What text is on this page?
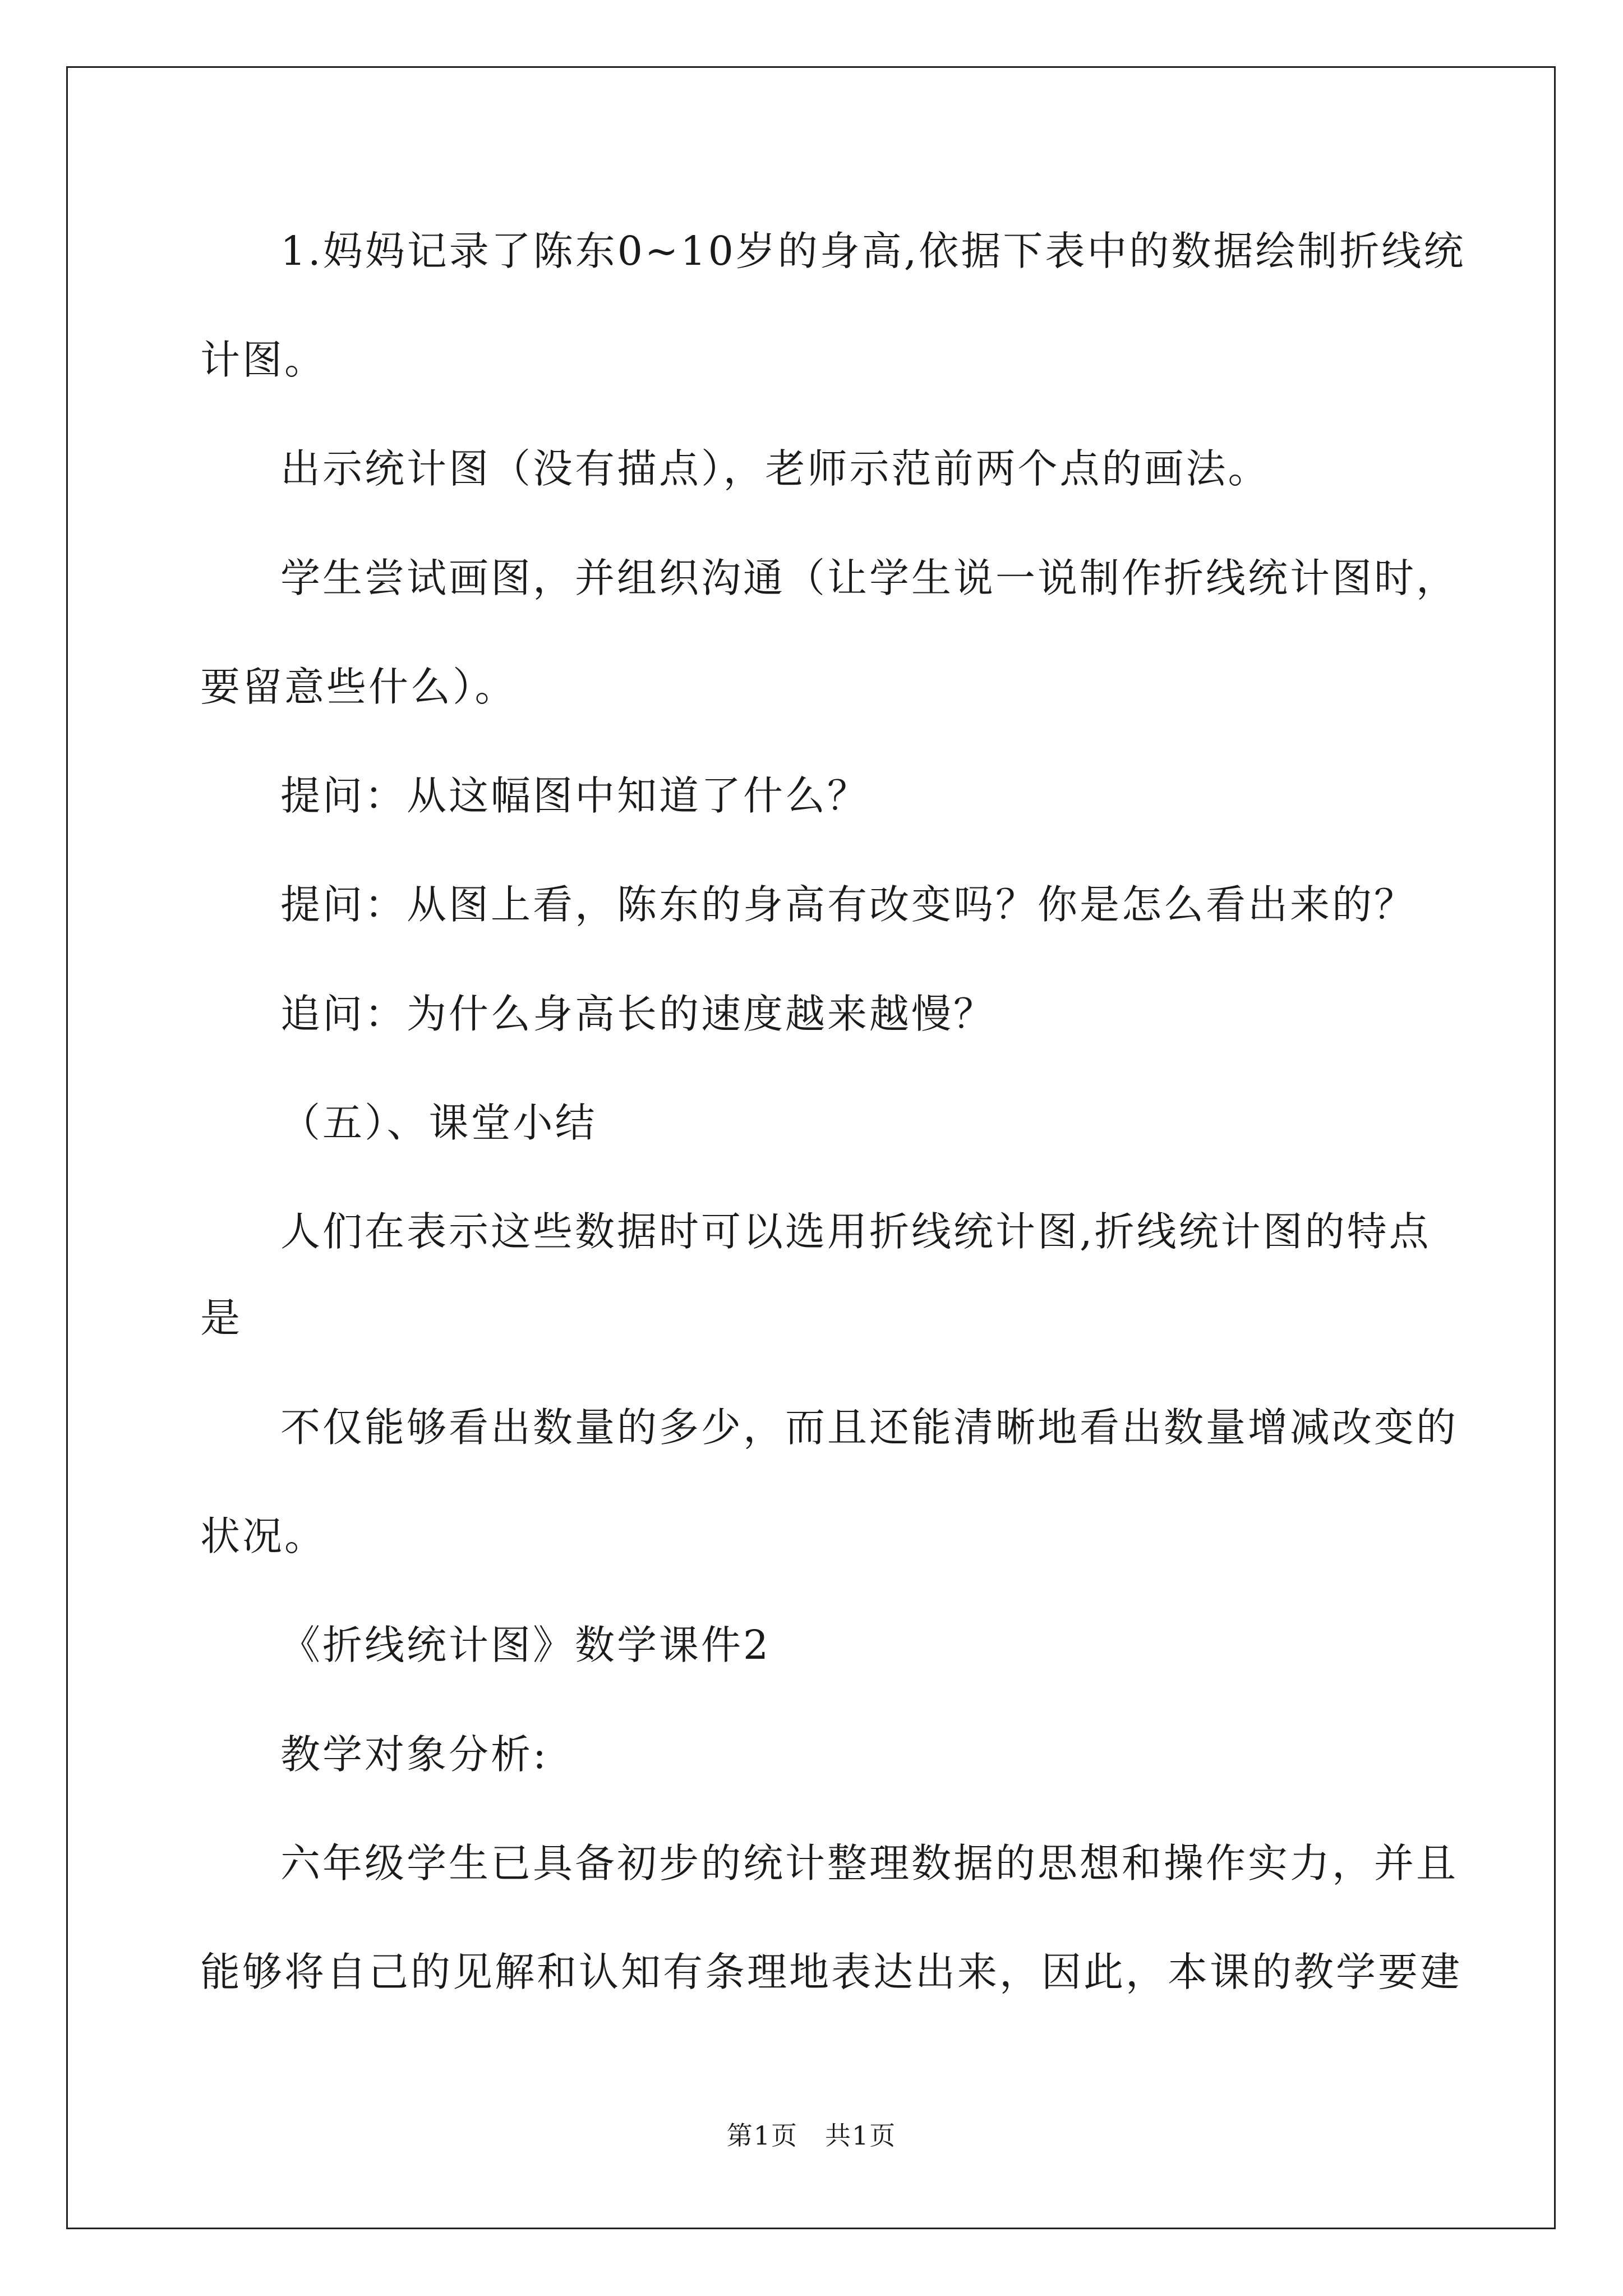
1.妈妈记录了陈东0~10岁的身高,依据下表中的数据绘制折线统
计图。
出示统计图（没有描点），老师示范前两个点的画法。
学生尝试画图，并组织沟通（让学生说一说制作折线统计图时，
要留意些什么）。
提问：从这幅图中知道了什么？
提问：从图上看，陈东的身高有改变吗？你是怎么看出来的？
追问：为什么身高长的速度越来越慢？
（五）、课堂小结
人们在表示这些数据时可以选用折线统计图,折线统计图的特点
是
不仅能够看出数量的多少，而且还能清晰地看出数量增减改变的
状况。
《折线统计图》数学课件2
教学对象分析:
六年级学生已具备初步的统计整理数据的思想和操作实力，并且
能够将自己的见解和认知有条理地表达出来，因此，本课的教学要建
第1页　共1页
